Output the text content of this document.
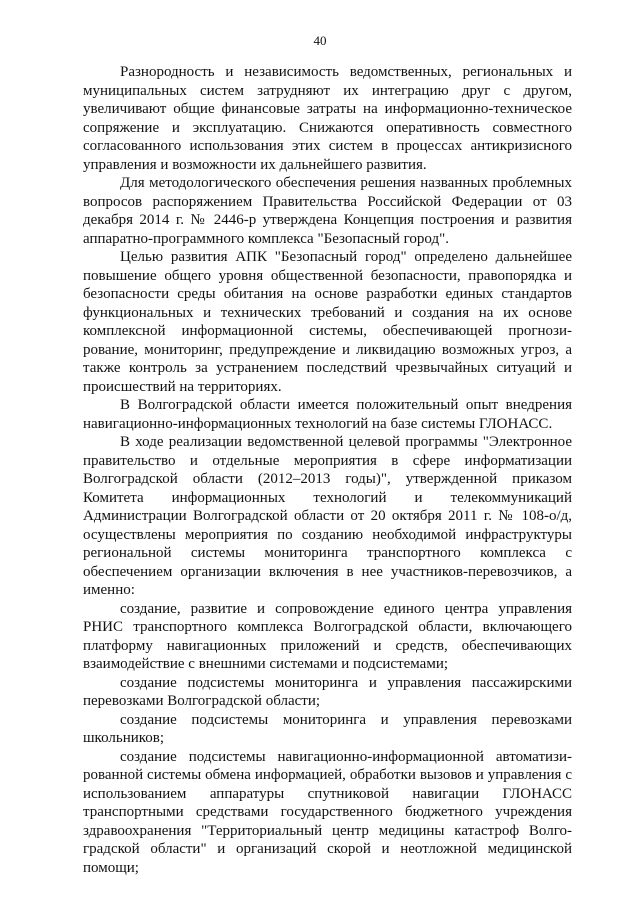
40

Разнородность и независимость ведомственных, региональных и муниципальных систем затрудняют их интеграцию друг с другом, увеличивают общие финансовые затраты на информационно-техническое сопряжение и эксплуатацию. Снижаются оперативность совместного согласованного использования этих систем в процессах антикризисного управления и возможности их дальнейшего развития.

Для методологического обеспечения решения названных проблемных вопросов распоряжением Правительства Российской Федерации от 03 декабря 2014 г. № 2446-р утверждена Концепция построения и развития аппаратно-программного комплекса "Безопасный город".

Целью развития АПК "Безопасный город" определено дальнейшее повышение общего уровня общественной безопасности, правопорядка и безопасности среды обитания на основе разработки единых стандартов функциональных и технических требований и создания на их основе комплексной информационной системы, обеспечивающей прогнозирование, мониторинг, предупреждение и ликвидацию возможных угроз, а также контроль за устранением последствий чрезвычайных ситуаций и происшествий на территориях.

В Волгоградской области имеется положительный опыт внедрения навигационно-информационных технологий на базе системы ГЛОНАСС.

В ходе реализации ведомственной целевой программы "Электронное правительство и отдельные мероприятия в сфере информатизации Волгоградской области (2012–2013 годы)", утвержденной приказом Комитета информационных технологий и телекоммуникаций Администрации Волгоградской области от 20 октября 2011 г. № 108-о/д, осуществлены мероприятия по созданию необходимой инфраструктуры региональной системы мониторинга транспортного комплекса с обеспечением организации включения в нее участников-перевозчиков, а именно:

создание, развитие и сопровождение единого центра управления РНИС транспортного комплекса Волгоградской области, включающего платформу навигационных приложений и средств, обеспечивающих взаимодействие с внешними системами и подсистемами;

создание подсистемы мониторинга и управления пассажирскими перевозками Волгоградской области;

создание подсистемы мониторинга и управления перевозками школьников;

создание подсистемы навигационно-информационной автоматизированной системы обмена информацией, обработки вызовов и управления с использованием аппаратуры спутниковой навигации ГЛОНАСС транспортными средствами государственного бюджетного учреждения здравоохранения "Территориальный центр медицины катастроф Волгоградской области" и организаций скорой и неотложной медицинской помощи;
